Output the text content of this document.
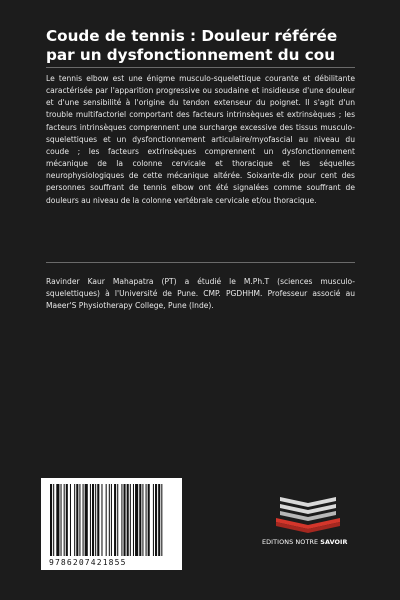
Coude de tennis : Douleur référée
par un dysfonctionnement du cou

Le tennis elbow est une énigme musculo-squelettique courante et débilitante caractérisée par l'apparition progressive ou soudaine et insidieuse d'une douleur et d'une sensibilité à l'origine du tendon extenseur du poignet. Il s'agit d'un trouble multifactoriel comportant des facteurs intrinsèques et extrinsèques ; les facteurs intrinsèques comprennent une surcharge excessive des tissus musculo-squelettiques et un dysfonctionnement articulaire/myofascial au niveau du coude ; les facteurs extrinsèques comprennent un dysfonctionnement mécanique de la colonne cervicale et thoracique et les séquelles neurophysiologiques de cette mécanique altérée. Soixante-dix pour cent des personnes souffrant de tennis elbow ont été signalées comme souffrant de douleurs au niveau de la colonne vertébrale cervicale et/ou thoracique.

Ravinder Kaur Mahapatra (PT) a étudié le M.Ph.T (sciences musculo-squelettiques) à l'Université de Pune. CMP. PGDHHM. Professeur associé au Maeer'S Physiotherapy College, Pune (Inde).

9786207421855
EDITIONS NOTRE SAVOIR
